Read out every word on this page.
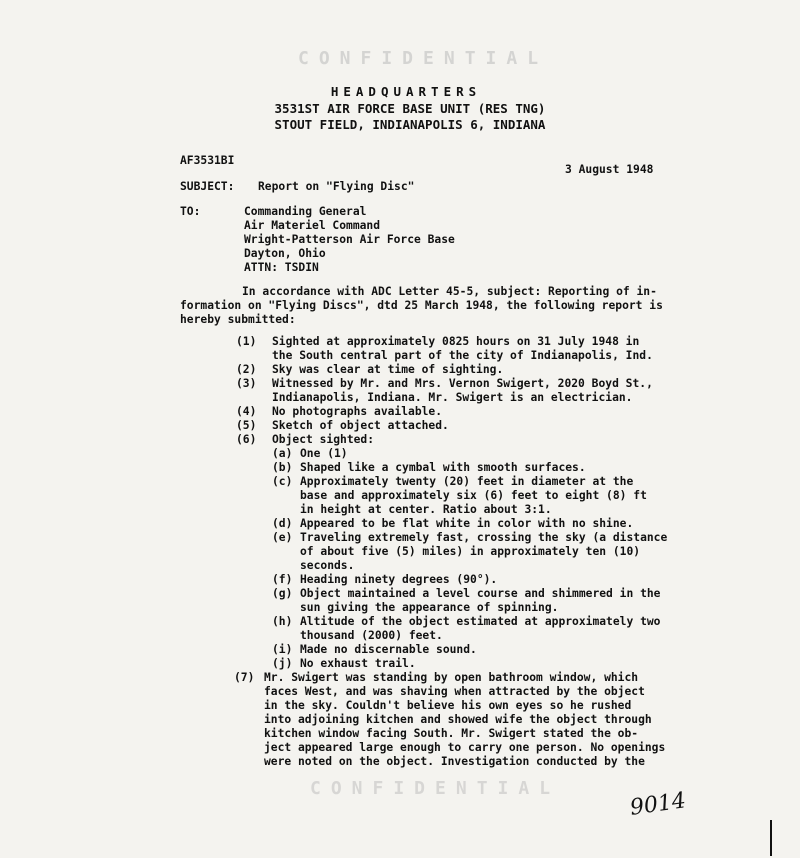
CONFIDENTIAL
HEADQUARTERS
3531ST AIR FORCE BASE UNIT (RES TNG)
STOUT FIELD, INDIANAPOLIS 6, INDIANA
AF3531BI
3 August 1948
SUBJECT: Report on "Flying Disc"
TO:	Commanding General
Air Materiel Command
Wright-Patterson Air Force Base
Dayton, Ohio
ATTN: TSDIN
In accordance with ADC Letter 45-5, subject: Reporting of in-
formation on "Flying Discs", dtd 25 March 1948, the following report is
hereby submitted:
(1) Sighted at approximately 0825 hours on 31 July 1948 in
the South central part of the city of Indianapolis, Ind.
(2) Sky was clear at time of sighting.
(3) Witnessed by Mr. and Mrs. Vernon Swigert, 2020 Boyd St.,
Indianapolis, Indiana. Mr. Swigert is an electrician.
(4) No photographs available.
(5) Sketch of object attached.
(6) Object sighted:
(a) One (1)
(b) Shaped like a cymbal with smooth surfaces.
(c) Approximately twenty (20) feet in diameter at the
base and approximately six (6) feet to eight (8) ft
in height at center. Ratio about 3:1.
(d) Appeared to be flat white in color with no shine.
(e) Traveling extremely fast, crossing the sky (a distance
of about five (5) miles) in approximately ten (10)
seconds.
(f) Heading ninety degrees (90°).
(g) Object maintained a level course and shimmered in the
sun giving the appearance of spinning.
(h) Altitude of the object estimated at approximately two
thousand (2000) feet.
(i) Made no discernable sound.
(j) No exhaust trail.
(7) Mr. Swigert was standing by open bathroom window, which
faces West, and was shaving when attracted by the object
in the sky. Couldn't believe his own eyes so he rushed
into adjoining kitchen and showed wife the object through
kitchen window facing South. Mr. Swigert stated the ob-
ject appeared large enough to carry one person. No openings
were noted on the object. Investigation conducted by the
CONFIDENTIAL	9014
